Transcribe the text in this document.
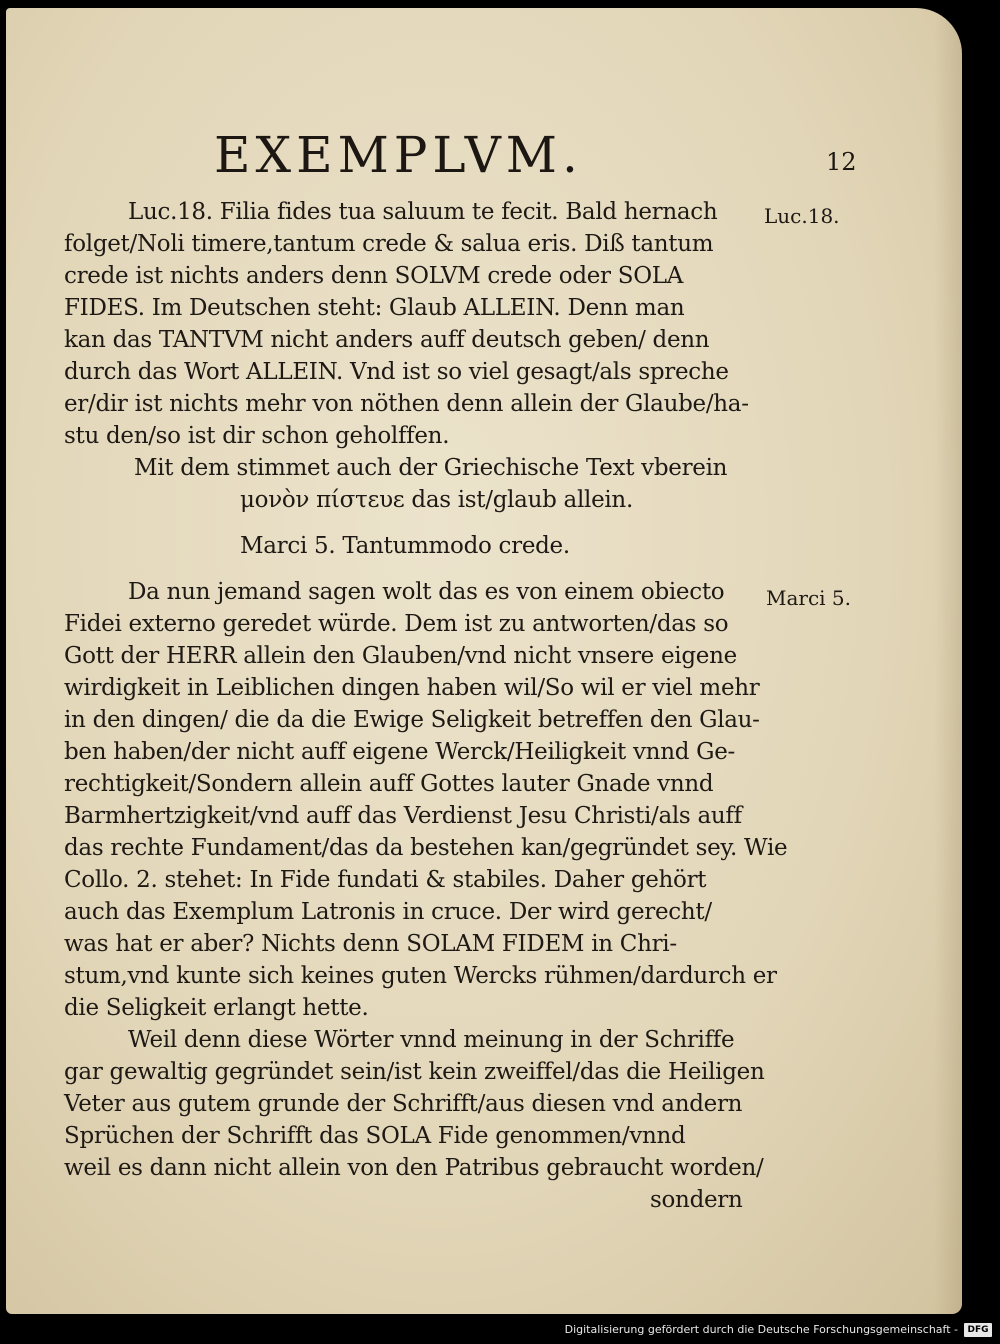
EXEMPLVM.	12
Luc.18.
Marci 5.
Luc.18. Filia fides tua saluum te fecit. Bald hernach
folget/Noli timere,tantum crede & salua eris. Diß tantum
crede ist nichts anders denn SOLVM crede oder SOLA
FIDES. Im Deutschen steht: Glaub ALLEIN. Denn man
kan das TANTVM nicht anders auff deutsch geben/ denn
durch das Wort ALLEIN. Vnd ist so viel gesagt/als spreche
er/dir ist nichts mehr von nöthen denn allein der Glaube/ha-
stu den/so ist dir schon geholffen.
Mit dem stimmet auch der Griechische Text vberein
μονὸν πίστευε das ist/glaub allein.
Marci 5. Tantummodo crede.
Da nun jemand sagen wolt das es von einem obiecto
Fidei externo geredet würde. Dem ist zu antworten/das so
Gott der HERR allein den Glauben/vnd nicht vnsere eigene
wirdigkeit in Leiblichen dingen haben wil/So wil er viel mehr
in den dingen/ die da die Ewige Seligkeit betreffen den Glau-
ben haben/der nicht auff eigene Werck/Heiligkeit vnnd Ge-
rechtigkeit/Sondern allein auff Gottes lauter Gnade vnnd
Barmhertzigkeit/vnd auff das Verdienst Jesu Christi/als auff
das rechte Fundament/das da bestehen kan/gegründet sey. Wie
Collo. 2. stehet: In Fide fundati & stabiles. Daher gehört
auch das Exemplum Latronis in cruce. Der wird gerecht/
was hat er aber? Nichts denn SOLAM FIDEM in Chri-
stum,vnd kunte sich keines guten Wercks rühmen/dardurch er
die Seligkeit erlangt hette.
Weil denn diese Wörter vnnd meinung in der Schriffe
gar gewaltig gegründet sein/ist kein zweiffel/das die Heiligen
Veter aus gutem grunde der Schrifft/aus diesen vnd andern
Sprüchen der Schrifft das SOLA Fide genommen/vnnd
weil es dann nicht allein von den Patribus gebraucht worden/
sondern
Digitalisierung gefördert durch die Deutsche Forschungsgemeinschaft -	DFG
